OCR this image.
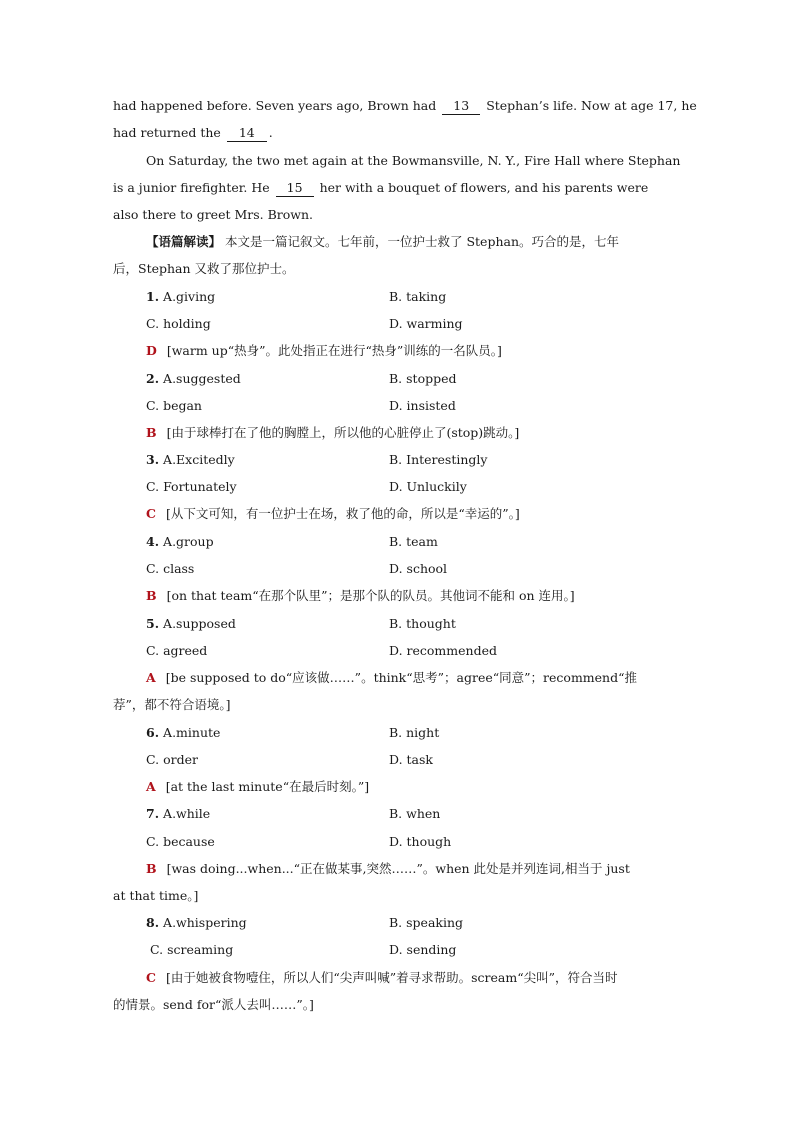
had happened before. Seven years ago, Brown had 13 Stephan’s life. Now at age 17, he
had returned the 14 .
On Saturday, the two met again at the Bowmansville, N. Y., Fire Hall where Stephan
is a junior firefighter. He 15 her with a bouquet of flowers, and his parents were
also there to greet Mrs. Brown.
【语篇解读】 本文是一篇记叙文。七年前，一位护士救了 Stephan。巧合的是，七年
后，Stephan 又救了那位护士。
1. A.giving	B. taking
C. holding	D. warming
D [warm up“热身”。此处指正在进行“热身”训练的一名队员。]
2. A.suggested	B. stopped
C. began	D. insisted
B [由于球棒打在了他的胸膛上，所以他的心脏停止了(stop)跳动。]
3. A.Excitedly	B. Interestingly
C. Fortunately	D. Unluckily
C [从下文可知，有一位护士在场，救了他的命，所以是“幸运的”。]
4. A.group	B. team
C. class	D. school
B [on that team“在那个队里”；是那个队的队员。其他词不能和 on 连用。]
5. A.supposed	B. thought
C. agreed	D. recommended
A [be supposed to do“应该做……”。think“思考”；agree“同意”；recommend“推
荐”，都不符合语境。]
6. A.minute	B. night
C. order	D. task
A [at the last minute“在最后时刻。”]
7. A.while	B. when
C. because	D. though
B [was doing...when...“正在做某事,突然……”。when 此处是并列连词,相当于 just
at that time。]
8. A.whispering	B. speaking
C. screaming	D. sending
C [由于她被食物噎住，所以人们“尖声叫喊”着寻求帮助。scream“尖叫”，符合当时
的情景。send for“派人去叫……”。]
